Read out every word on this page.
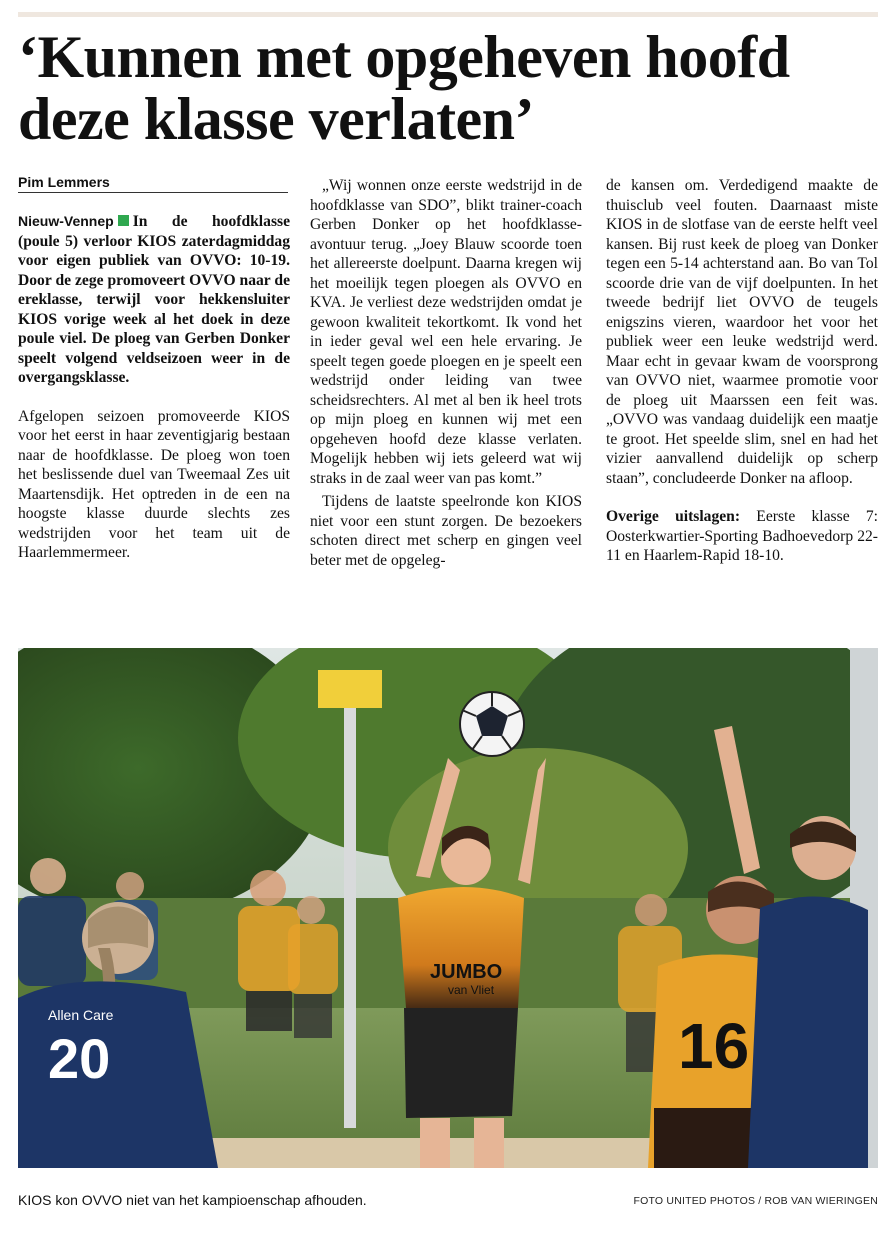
‘Kunnen met opgeheven hoofd deze klasse verlaten’
Pim Lemmers

Nieuw-Vennep In de hoofdklasse (poule 5) verloor KIOS zaterdagmiddag voor eigen publiek van OVVO: 10-19. Door de zege promoveert OVVO naar de ereklasse, terwijl voor hekkensluiter KIOS vorige week al het doek in deze poule viel. De ploeg van Gerben Donker speelt volgend veldseizoen weer in de overgangsklasse.

Afgelopen seizoen promoveerde KIOS voor het eerst in haar zeventigjarig bestaan naar de hoofdklasse. De ploeg won toen het beslissende duel van Tweemaal Zes uit Maartensdijk. Het optreden in de een na hoogste klasse duurde slechts zes wedstrijden voor het team uit de Haarlemmermeer.

„Wij wonnen onze eerste wedstrijd in de hoofdklasse van SDO”, blikt trainer-coach Gerben Donker op het hoofdklasse-avontuur terug. „Joey Blauw scoorde toen het allereerste doelpunt. Daarna kregen wij het moeilijk tegen ploegen als OVVO en KVA. Je verliest deze wedstrijden omdat je gewoon kwaliteit tekortkomt. Ik vond het in ieder geval wel een hele ervaring. Je speelt tegen goede ploegen en je speelt een wedstrijd onder leiding van twee scheidsrechters. Al met al ben ik heel trots op mijn ploeg en kunnen wij met een opgeheven hoofd deze klasse verlaten. Mogelijk hebben wij iets geleerd wat wij straks in de zaal weer van pas komt.”

Tijdens de laatste speelronde kon KIOS niet voor een stunt zorgen. De bezoekers schoten direct met scherp en gingen veel beter met de opgeleg-

de kansen om. Verdedigend maakte de thuisclub veel fouten. Daarnaast miste KIOS in de slotfase van de eerste helft veel kansen. Bij rust keek de ploeg van Donker tegen een 5-14 achterstand aan. Bo van Tol scoorde drie van de vijf doelpunten. In het tweede bedrijf liet OVVO de teugels enigszins vieren, waardoor het voor het publiek weer een leuke wedstrijd werd. Maar echt in gevaar kwam de voorsprong van OVVO niet, waarmee promotie voor de ploeg uit Maarssen een feit was. „OVVO was vandaag duidelijk een maatje te groot. Het speelde slim, snel en had het vizier aanvallend duidelijk op scherp staan”, concludeerde Donker na afloop.

Overige uitslagen: Eerste klasse 7: Oosterkwartier-Sporting Badhoevedorp 22-11 en Haarlem-Rapid 18-10.

JUMBO
van Vliet
20
Allen Care	16
KIOS kon OVVO niet van het kampioenschap afhouden.	FOTO UNITED PHOTOS / ROB VAN WIERINGEN
